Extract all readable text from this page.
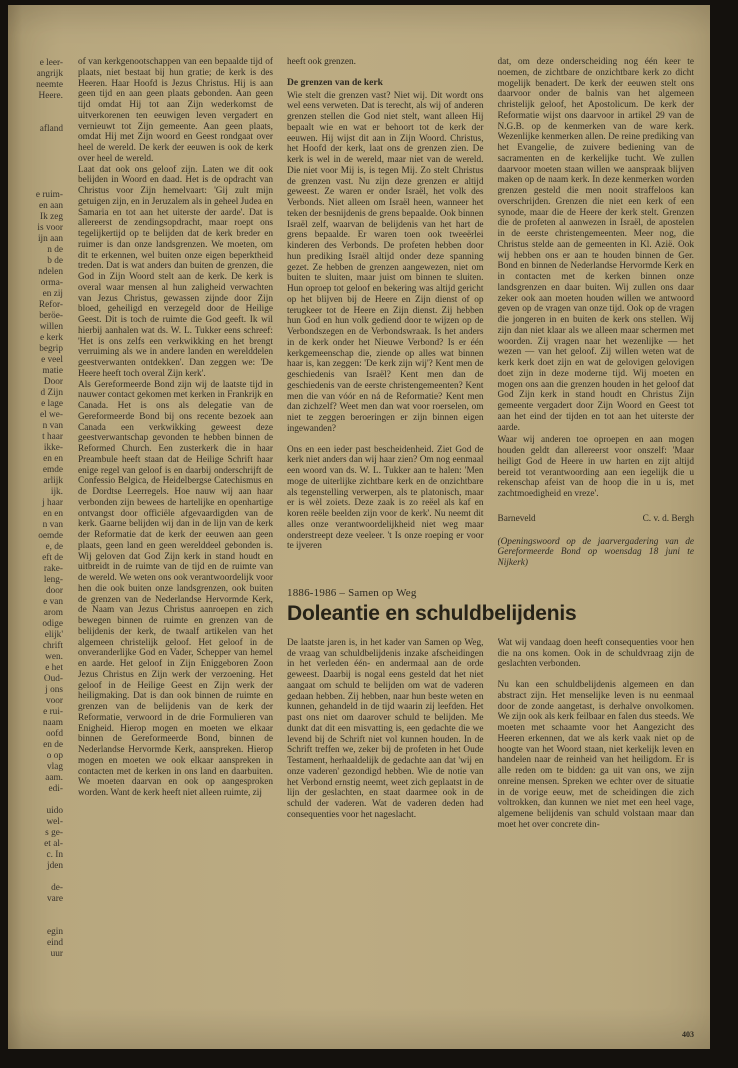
e leer-
angrijk
neemte
Heere.

afland

e ruim-
en aan
Ik zeg
is voor
ijn aan
n de
b de
ndelen
orma-
en zij
Refor-
beröe-
willen
e kerk
begrip
e veel
matie
Door
d Zijn
e lage
el we-
n van
t haar
ikke-
en en
emde
arlijk
ijk.
j haar
en en
n van
oemde
e, de
eft de
rake-
leng-
door
e van
arom
odige
elijk'
chrift
wen.
e het
Oud-
j ons
voor
e rui-
naam
oofd
en de
o op
vlag
aam.
edi-

uido
wel-
s ge-
et al-
c. In
jden

de-
vare

egin
eind
uur

of van kerkgenootschappen van een bepaalde tijd of plaats, niet bestaat bij hun gratie; de kerk is des Heeren. Haar Hoofd is Jezus Christus. Hij is aan geen tijd en aan geen plaats gebonden. Aan geen tijd omdat Hij tot aan Zijn wederkomst de uitverkorenen ten eeuwigen leven vergadert en vernieuwt tot Zijn gemeente. Aan geen plaats, omdat Hij met Zijn woord en Geest rondgaat over heel de wereld. De kerk der eeuwen is ook de kerk over heel de wereld.

Laat dat ook ons geloof zijn. Laten we dit ook belijden in Woord en daad. Het is de opdracht van Christus voor Zijn hemelvaart: 'Gij zult mijn getuigen zijn, en in Jeruzalem als in geheel Judea en Samaria en tot aan het uiterste der aarde'. Dat is allereerst de zendingsopdracht, maar roept ons tegelijkertijd op te belijden dat de kerk breder en ruimer is dan onze landsgrenzen. We moeten, om dit te erkennen, wel buiten onze eigen beperktheid treden. Dat is wat anders dan buiten de grenzen, die God in Zijn Woord stelt aan de kerk. De kerk is overal waar mensen al hun zaligheid verwachten van Jezus Christus, gewassen zijnde door Zijn bloed, geheiligd en verzegeld door de Heilige Geest. Dit is toch de ruimte die God geeft. Ik wil hierbij aanhalen wat ds. W. L. Tukker eens schreef: 'Het is ons zelfs een verkwikking en het brengt verruiming als we in andere landen en werelddelen geestverwanten ontdekken'. Dan zeggen we: 'De Heere heeft toch overal Zijn kerk'.

Als Gereformeerde Bond zijn wij de laatste tijd in nauwer contact gekomen met kerken in Frankrijk en Canada. Het is ons als delegatie van de Gereformeerde Bond bij ons recente bezoek aan Canada een verkwikking geweest deze geestverwantschap gevonden te hebben binnen de Reformed Church. Een zusterkerk die in haar Preambule heeft staan dat de Heilige Schrift haar enige regel van geloof is en daarbij onderschrijft de Confessio Belgica, de Heidelbergse Catechismus en de Dordtse Leerregels. Hoe nauw wij aan haar verbonden zijn bewees de hartelijke en openhartige ontvangst door officiële afgevaardigden van de kerk. Gaarne belijden wij dan in de lijn van de kerk der Reformatie dat de kerk der eeuwen aan geen plaats, geen land en geen werelddeel gebonden is. Wij geloven dat God Zijn kerk in stand houdt en uitbreidt in de ruimte van de tijd en de ruimte van de wereld. We weten ons ook verantwoordelijk voor hen die ook buiten onze landsgrenzen, ook buiten de grenzen van de Nederlandse Hervormde Kerk, de Naam van Jezus Christus aanroepen en zich bewegen binnen de ruimte en grenzen van de belijdenis der kerk, de twaalf artikelen van het algemeen christelijk geloof. Het geloof in de onveranderlijke God en Vader, Schepper van hemel en aarde. Het geloof in Zijn Eniggeboren Zoon Jezus Christus en Zijn werk der verzoening. Het geloof in de Heilige Geest en Zijn werk der heiligmaking. Dat is dan ook binnen de ruimte en grenzen van de belijdenis van de kerk der Reformatie, verwoord in de drie Formulieren van Enigheid. Hierop mogen en moeten we elkaar binnen de Gereformeerde Bond, binnen de Nederlandse Hervormde Kerk, aanspreken. Hierop mogen en moeten we ook elkaar aanspreken in contacten met de kerken in ons land en daarbuiten. We moeten daarvan en ook op aangesproken worden. Want de kerk heeft niet alleen ruimte, zij

heeft ook grenzen.

De grenzen van de kerk

Wie stelt die grenzen vast? Niet wij. Dit wordt ons wel eens verweten. Dat is terecht, als wij of anderen grenzen stellen die God niet stelt, want alleen Hij bepaalt wie en wat er behoort tot de kerk der eeuwen. Hij wijst dit aan in Zijn Woord. Christus, het Hoofd der kerk, laat ons de grenzen zien. De kerk is wel in de wereld, maar niet van de wereld. Die niet voor Mij is, is tegen Mij. Zo stelt Christus de grenzen vast. Nu zijn deze grenzen er altijd geweest. Ze waren er onder Israël, het volk des Verbonds. Niet alleen om Israël heen, wanneer het teken der besnijdenis de grens bepaalde. Ook binnen Israël zelf, waarvan de belijdenis van het hart de grens bepaalde. Er waren toen ook tweeërlei kinderen des Verbonds. De profeten hebben door hun prediking Israël altijd onder deze spanning gezet. Ze hebben de grenzen aangewezen, niet om buiten te sluiten, maar juist om binnen te sluiten. Hun oproep tot geloof en bekering was altijd gericht op het blijven bij de Heere en Zijn dienst of op terugkeer tot de Heere en Zijn dienst. Zij hebben hun God en hun volk gediend door te wijzen op de Verbondszegen en de Verbondswraak. Is het anders in de kerk onder het Nieuwe Verbond? Is er één kerkgemeenschap die, ziende op alles wat binnen haar is, kan zeggen: 'De kerk zijn wij'? Kent men de geschiedenis van Israël? Kent men dan de geschiedenis van de eerste christengemeenten? Kent men die van vóór en ná de Reformatie? Kent men dan zichzelf? Weet men dan wat voor roerselen, om niet te zeggen beroeringen er zijn binnen eigen ingewanden?

Ons en een ieder past bescheidenheid. Ziet God de kerk niet anders dan wij haar zien? Om nog eenmaal een woord van ds. W. L. Tukker aan te halen: 'Men moge de uiterlijke zichtbare kerk en de onzichtbare als tegenstelling verwerpen, als te platonisch, maar er is wèl zoiets. Deze zaak is zo reëel als kaf en koren reële beelden zijn voor de kerk'. Nu neemt dit alles onze verantwoordelijkheid niet weg maar onderstreept deze veeleer. 't Is onze roeping er voor te ijveren

dat, om deze onderscheiding nog één keer te noemen, de zichtbare de onzichtbare kerk zo dicht mogelijk benadert. De kerk der eeuwen stelt ons daarvoor onder de balnis van het algemeen christelijk geloof, het Apostolicum. De kerk der Reformatie wijst ons daarvoor in artikel 29 van de N.G.B. op de kenmerken van de ware kerk. Wezenlijke kenmerken allen. De reine prediking van het Evangelie, de zuivere bediening van de sacramenten en de kerkelijke tucht. We zullen daarvoor moeten staan willen we aanspraak blijven maken op de naam kerk. In deze kenmerken worden grenzen gesteld die men nooit straffeloos kan overschrijden. Grenzen die niet een kerk of een synode, maar die de Heere der kerk stelt. Grenzen die de profeten al aanwezen in Israël, de apostelen in de eerste christengemeenten. Meer nog, die Christus stelde aan de gemeenten in Kl. Azië. Ook wij hebben ons er aan te houden binnen de Ger. Bond en binnen de Nederlandse Hervormde Kerk en in contacten met de kerken binnen onze landsgrenzen en daar buiten. Wij zullen ons daar zeker ook aan moeten houden willen we antwoord geven op de vragen van onze tijd. Ook op de vragen die jongeren in en buiten de kerk ons stellen. Wij zijn dan niet klaar als we alleen maar schermen met woorden. Zij vragen naar het wezenlijke — het wezen — van het geloof. Zij willen weten wat de kerk kerk doet zijn en wat de gelovigen gelovigen doet zijn in deze moderne tijd. Wij moeten en mogen ons aan die grenzen houden in het geloof dat God Zijn kerk in stand houdt en Christus Zijn gemeente vergadert door Zijn Woord en Geest tot aan het eind der tijden en tot aan het uiterste der aarde.

Waar wij anderen toe oproepen en aan mogen houden geldt dan allereerst voor onszelf: 'Maar heiligt God de Heere in uw harten en zijt altijd bereid tot verantwoording aan een iegelijk die u rekenschap afeist van de hoop die in u is, met zachtmoedigheid en vreze'.

Barneveld	C. v. d. Bergh
(Openingswoord op de jaarvergadering van de Gereformeerde Bond op woensdag 18 juni te Nijkerk)
1886-1986 – Samen op Weg
Doleantie en schuldbelijdenis

De laatste jaren is, in het kader van Samen op Weg, de vraag van schuldbelijdenis inzake afscheidingen in het verleden één- en andermaal aan de orde geweest. Daarbij is nogal eens gesteld dat het niet aangaat om schuld te belijden om wat de vaderen gedaan hebben. Zij hebben, naar hun beste weten en kunnen, gehandeld in de tijd waarin zij leefden. Het past ons niet om daarover schuld te belijden. Me dunkt dat dit een misvatting is, een gedachte die we levend bij de Schrift niet vol kunnen houden. In de Schrift treffen we, zeker bij de profeten in het Oude Testament, herhaaldelijk de gedachte aan dat 'wij en onze vaderen' gezondigd hebben. Wie de notie van het Verbond ernstig neemt, weet zich geplaatst in de lijn der geslachten, en staat daarmee ook in de schuld der vaderen. Wat de vaderen deden had consequenties voor het nageslacht.

Wat wij vandaag doen heeft consequenties voor hen die na ons komen. Ook in de schuldvraag zijn de geslachten verbonden.

Nu kan een schuldbelijdenis algemeen en dan abstract zijn. Het menselijke leven is nu eenmaal door de zonde aangetast, is derhalve onvolkomen. We zijn ook als kerk feilbaar en falen dus steeds. We moeten met schaamte voor het Aangezicht des Heeren erkennen, dat we als kerk vaak niet op de hoogte van het Woord staan, niet kerkelijk leven en handelen naar de reinheid van het heiligdom. Er is alle reden om te bidden: ga uit van ons, we zijn onreine mensen. Spreken we echter over de situatie in de vorige eeuw, met de scheidingen die zich voltrokken, dan kunnen we niet met een heel vage, algemene belijdenis van schuld volstaan maar dan moet het over concrete din-

403
